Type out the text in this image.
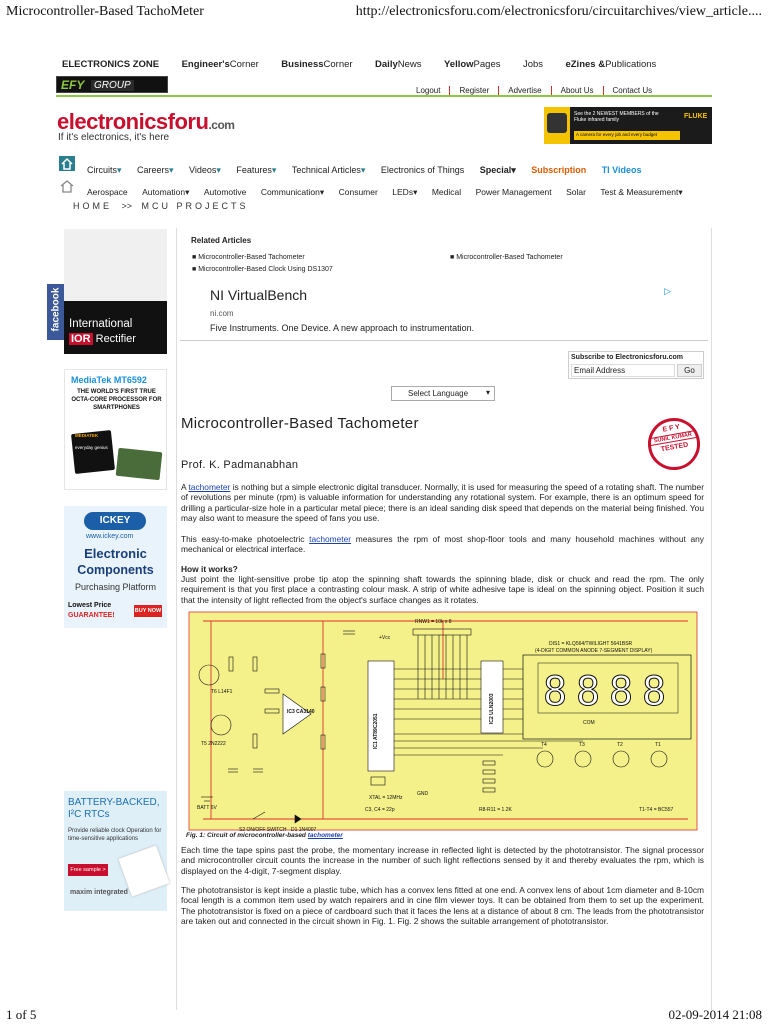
Microcontroller-Based TachoMeter	http://electronicsforu.com/electronicsforu/circuitarchives/view_article....
ELECTRONICS ZONE Engineer'sCorner BusinessCorner DailyNews YellowPages Jobs eZines &Publications
EFY GROUP	Logout Register Advertise About Us Contact Us
electronicsforu.com
If it's electronics, it's here
See the 2 NEWEST MEMBERS of the
Fluke infrared family
A camera for every job and every budget
FLUKE
Circuits▾ Careers▾ Videos▾ Features▾ Technical Articles▾ Electronics of Things Special▾ Subscription TI Videos
Aerospace Automation▾ Automotive Communication▾ Consumer LEDs▾ Medical Power Management Solar Test & Measurement▾
HOME >> MCU PROJECTS
International
IOR Rectifier
facebook
MediaTek MT6592
THE WORLD'S FIRST TRUE OCTA-CORE PROCESSOR FOR SMARTPHONES
MEDIATEK
everyday genius
ICKEY
www.ickey.com
Electronic
Components
Purchasing Platform
Lowest Price
GUARANTEE!
BUY NOW
BATTERY-BACKED, I²C RTCs
Provide reliable clock Operation for time-sensitive applications
Free sample >
maxim integrated
Related Articles
■ Microcontroller-Based Tachometer
■ Microcontroller-Based Clock Using DS1307
■ Microcontroller-Based Tachometer
NI VirtualBench
ni.com
Five Instruments. One Device. A new approach to instrumentation.
▷
Subscribe to Electronicsforu.com
Email Address	Go
Select Language ▾
Microcontroller-Based Tachometer
Prof. K. Padmanabhan
E F Y
SUNIL KUMAR
TESTED
A tachometer is nothing but a simple electronic digital transducer. Normally, it is used for measuring the speed of a rotating shaft. The number of revolutions per minute (rpm) is valuable information for understanding any rotational system. For example, there is an optimum speed for drilling a particular-size hole in a particular metal piece; there is an ideal sanding disk speed that depends on the material being finished. You may also want to measure the speed of fans you use.
This easy-to-make photoelectric tachometer measures the rpm of most shop-floor tools and many household machines without any mechanical or electrical interface.
How it works?
Just point the light-sensitive probe tip atop the spinning shaft towards the spinning blade, disk or chuck and read the rpm. The only requirement is that you first place a contrasting colour mask. A strip of white adhesive tape is ideal on the spinning object. Position it such that the intensity of light reflected from the object's surface changes as it rotates.
8 8 8 8
RNW1 = 10k x 8
DIS1 = KLQ564/TWILIGHT 5641BSR
(4-DIGIT COMMON ANODE 7-SEGMENT DISPLAY)
IC1 AT89C2051
IC2 ULN2003
IC3 CA3140
T6 L14F1
T5 2N2222
BATT 6V
S2 ON/OFF SWITCH D1 1N4007
XTAL = 12MHz
C3, C4 = 22p	R8-R11 = 1.2K	T1-T4 = BC557
+Vcc
GND
COM
T4	T3	T2	T1
Fig. 1: Circuit of microcontroller-based tachometer
Each time the tape spins past the probe, the momentary increase in reflected light is detected by the phototransistor. The signal processor and microcontroller circuit counts the increase in the number of such light reflections sensed by it and thereby evaluates the rpm, which is displayed on the 4-digit, 7-segment display.
The phototransistor is kept inside a plastic tube, which has a convex lens fitted at one end. A convex lens of about 1cm diameter and 8-10cm focal length is a common item used by watch repairers and in cine film viewer toys. It can be obtained from them to set up the experiment. The phototransistor is fixed on a piece of cardboard such that it faces the lens at a distance of about 8 cm. The leads from the phototransistor are taken out and connected in the circuit shown in Fig. 1. Fig. 2 shows the suitable arrangement of phototransistor.
1 of 5	02-09-2014 21:08
